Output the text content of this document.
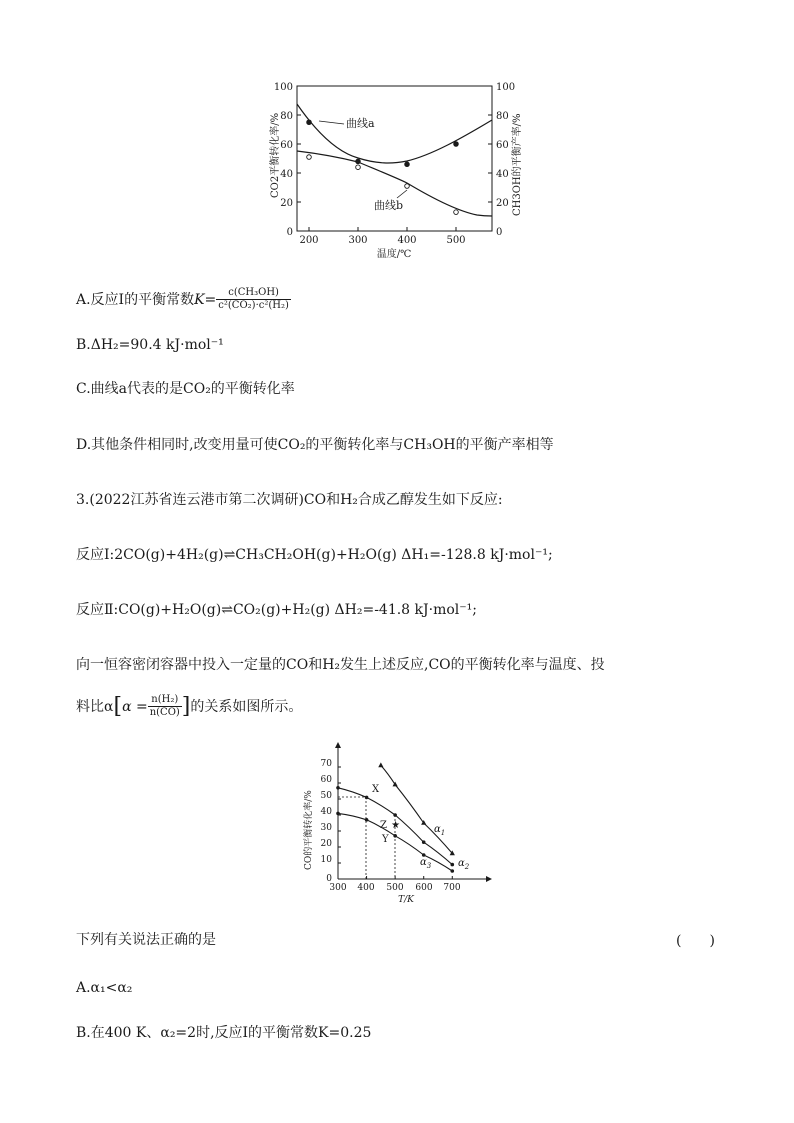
100
80
60
40
20
0
100
80
60
40
20
0
200	300	400	500
温度/℃
CO2平衡转化率/%	CH3OH的平衡产率/%
曲线a
曲线b
A.反应Ⅰ的平衡常数$K= \frac{\text{c(CH₃OH)}}{\text{c²(CO₂)·c²(H₂)}}$
B.ΔH₂=90.4 kJ·mol⁻¹
C.曲线a代表的是CO₂的平衡转化率
D.其他条件相同时,改变用量可使CO₂的平衡转化率与CH₃OH的平衡产率相等
3.(2022江苏省连云港市第二次调研)CO和H₂合成乙醇发生如下反应:
反应Ⅰ:2CO(g)+4H₂(g)⇌CH₃CH₂OH(g)+H₂O(g) ΔH₁=-128.8 kJ·mol⁻¹;
反应Ⅱ:CO(g)+H₂O(g)⇌CO₂(g)+H₂(g) ΔH₂=-41.8 kJ·mol⁻¹;
向一恒容密闭容器中投入一定量的CO和H₂发生上述反应,CO的平衡转化率与温度、投
料比$\alpha[\alpha = \frac{\text{n(H₂)}}{n(CO)}$ ]的关系如图所示。
70
60
50
40
30
20
10
0
300 400 500 600 700
T/K
CO的平衡转化率/%	★
X
Z
Y
$\alpha_1$
$\alpha_2$
$\alpha_3$
下列有关说法正确的是	(　　)
A.α₁<α₂
B.在400 K、α₂=2时,反应Ⅰ的平衡常数K=0.25
